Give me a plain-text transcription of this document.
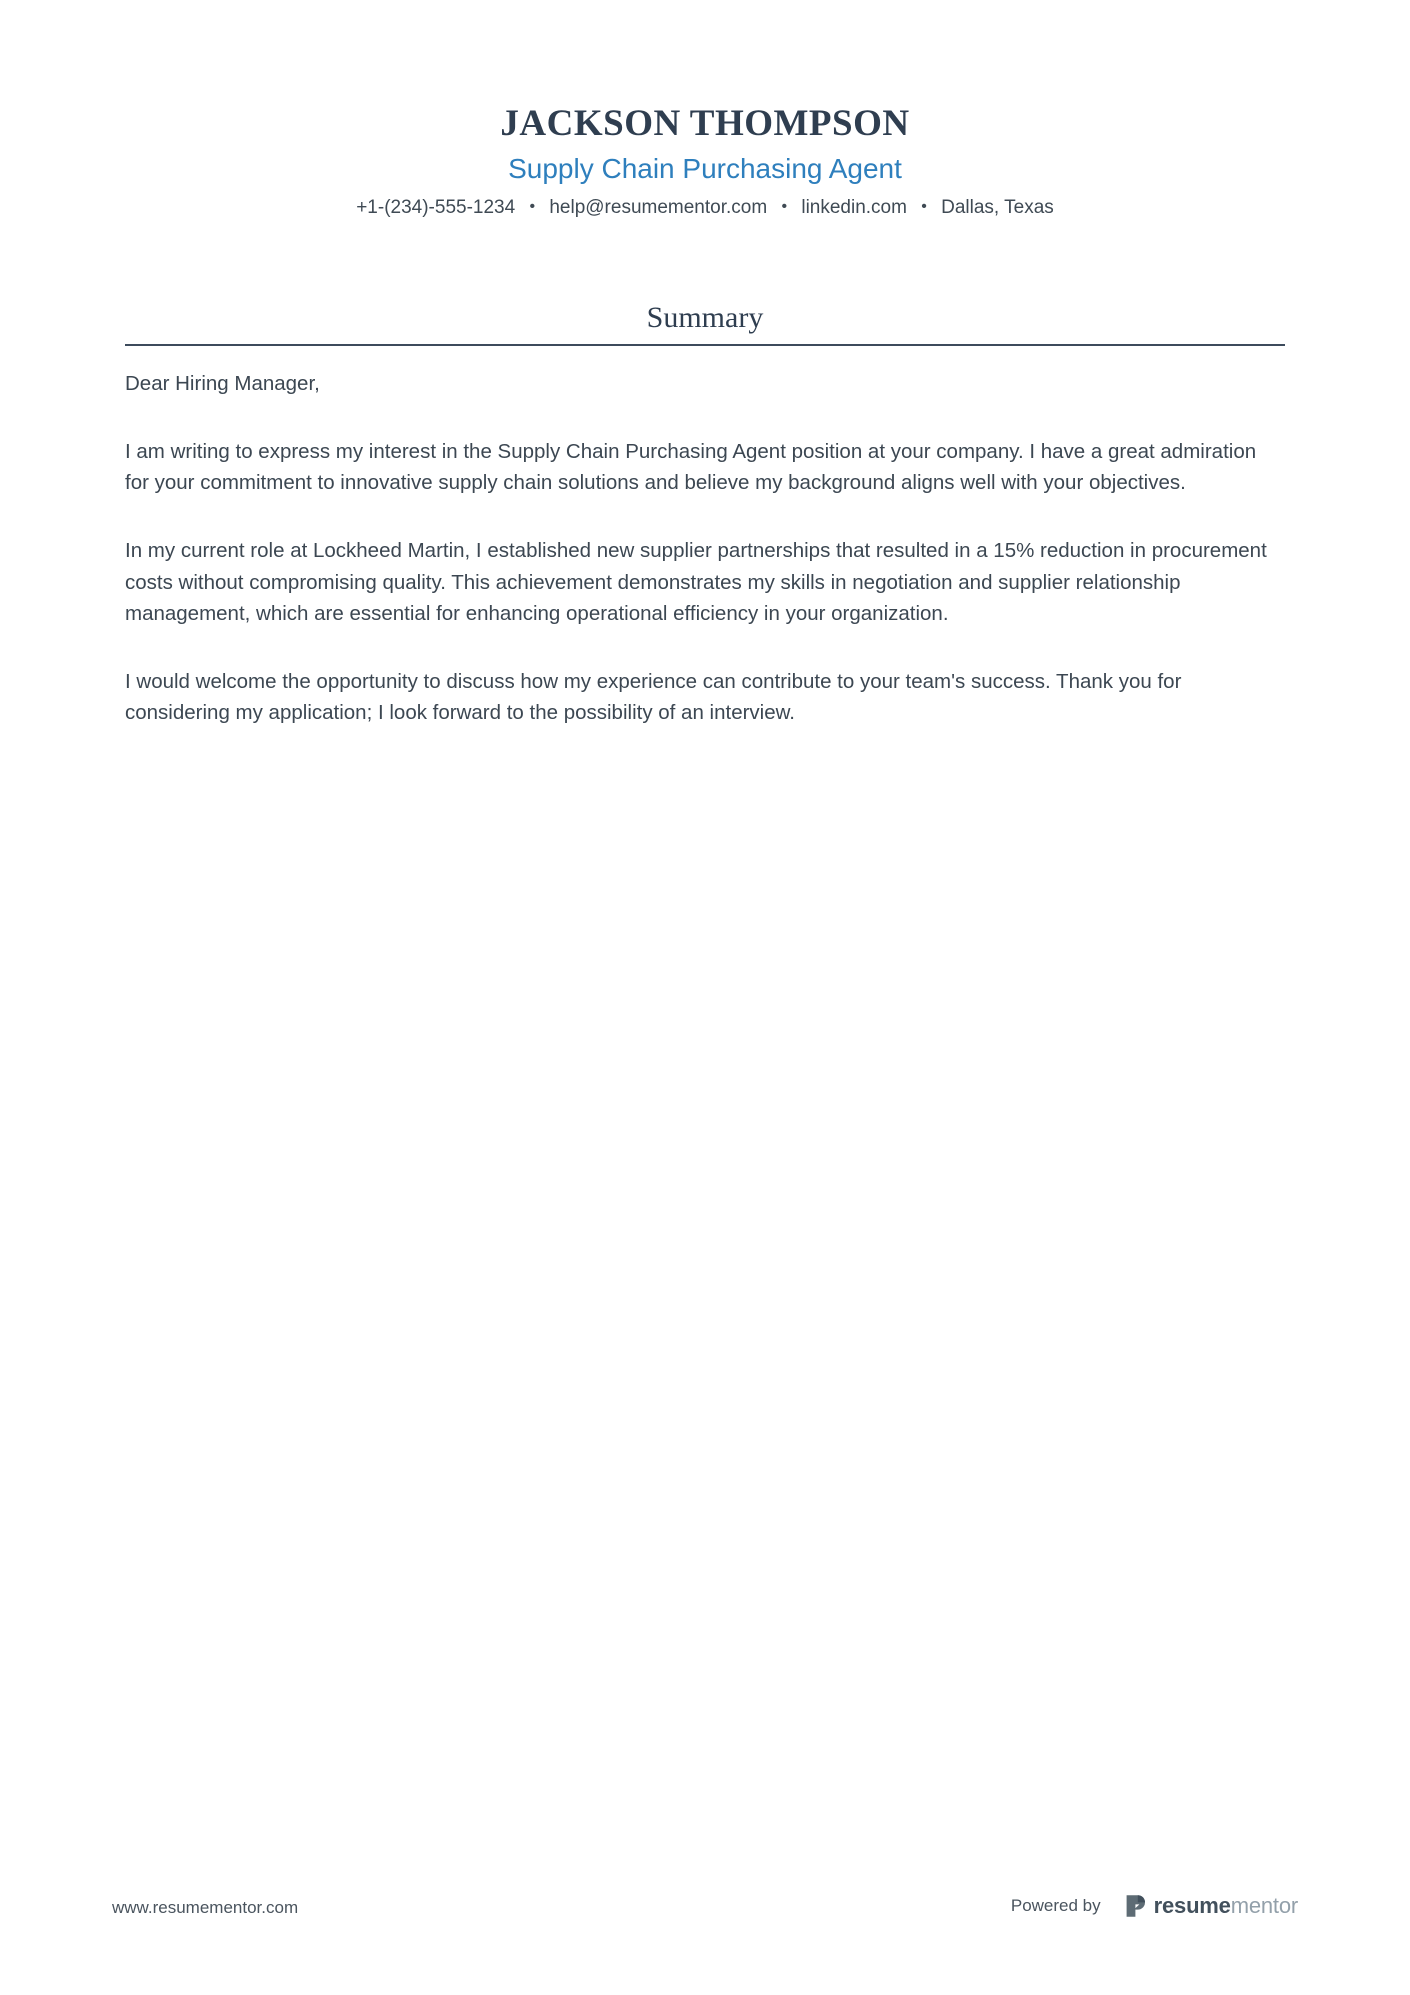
JACKSON THOMPSON
Supply Chain Purchasing Agent
+1-(234)-555-1234 • help@resumementor.com • linkedin.com • Dallas, Texas
Summary

Dear Hiring Manager,

I am writing to express my interest in the Supply Chain Purchasing Agent position at your company. I have a great admiration for your commitment to innovative supply chain solutions and believe my background aligns well with your objectives.

In my current role at Lockheed Martin, I established new supplier partnerships that resulted in a 15% reduction in procurement costs without compromising quality. This achievement demonstrates my skills in negotiation and supplier relationship management, which are essential for enhancing operational efficiency in your organization.

I would welcome the opportunity to discuss how my experience can contribute to your team's success. Thank you for considering my application; I look forward to the possibility of an interview.

www.resumementor.com	Powered by resumementor
